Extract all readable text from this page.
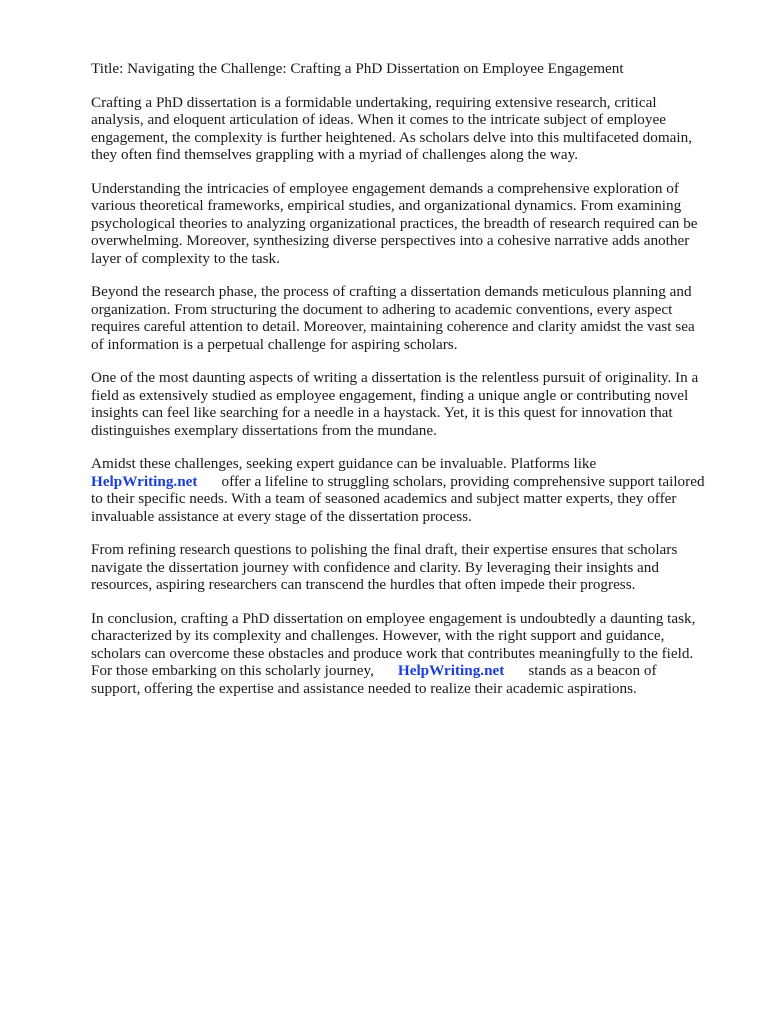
Title: Navigating the Challenge: Crafting a PhD Dissertation on Employee Engagement
Crafting a PhD dissertation is a formidable undertaking, requiring extensive research, critical
analysis, and eloquent articulation of ideas. When it comes to the intricate subject of employee
engagement, the complexity is further heightened. As scholars delve into this multifaceted domain,
they often find themselves grappling with a myriad of challenges along the way.
Understanding the intricacies of employee engagement demands a comprehensive exploration of
various theoretical frameworks, empirical studies, and organizational dynamics. From examining
psychological theories to analyzing organizational practices, the breadth of research required can be
overwhelming. Moreover, synthesizing diverse perspectives into a cohesive narrative adds another
layer of complexity to the task.
Beyond the research phase, the process of crafting a dissertation demands meticulous planning and
organization. From structuring the document to adhering to academic conventions, every aspect
requires careful attention to detail. Moreover, maintaining coherence and clarity amidst the vast sea
of information is a perpetual challenge for aspiring scholars.
One of the most daunting aspects of writing a dissertation is the relentless pursuit of originality. In a
field as extensively studied as employee engagement, finding a unique angle or contributing novel
insights can feel like searching for a needle in a haystack. Yet, it is this quest for innovation that
distinguishes exemplary dissertations from the mundane.
Amidst these challenges, seeking expert guidance can be invaluable. Platforms like
HelpWriting.net offer a lifeline to struggling scholars, providing comprehensive support tailored
to their specific needs. With a team of seasoned academics and subject matter experts, they offer
invaluable assistance at every stage of the dissertation process.
From refining research questions to polishing the final draft, their expertise ensures that scholars
navigate the dissertation journey with confidence and clarity. By leveraging their insights and
resources, aspiring researchers can transcend the hurdles that often impede their progress.
In conclusion, crafting a PhD dissertation on employee engagement is undoubtedly a daunting task,
characterized by its complexity and challenges. However, with the right support and guidance,
scholars can overcome these obstacles and produce work that contributes meaningfully to the field.
For those embarking on this scholarly journey, HelpWriting.net stands as a beacon of
support, offering the expertise and assistance needed to realize their academic aspirations.
